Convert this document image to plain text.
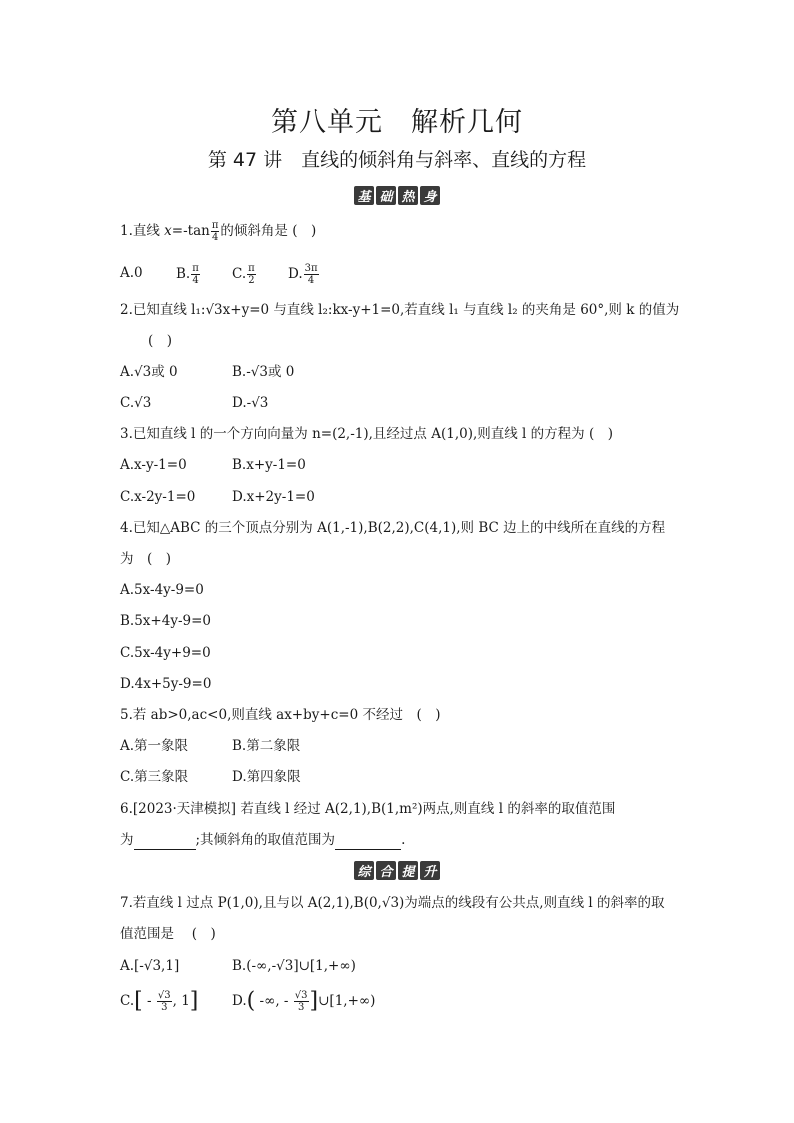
第八单元　解析几何
第 47 讲　直线的倾斜角与斜率、直线的方程
基 础 热 身
1.直线 $x=-\tan \frac{\pi}{4}$ 的倾斜角是 (　)
A.0 B. $\frac{\pi}{4} C$. $\frac{\pi}{2} D$. $\frac{3\pi}{4}$
2.已知直线 l₁:√3x+y=0 与直线 l₂:kx-y+1=0,若直线 l₁ 与直线 l₂ 的夹角是 60°,则 k 的值为
(　)
A.√3或 0	B.-√3或 0
C.√3	D.-√3
3.已知直线 l 的一个方向向量为 n=(2,-1),且经过点 A(1,0),则直线 l 的方程为 (　)
A.x-y-1=0	B.x+y-1=0
C.x-2y-1=0	D.x+2y-1=0
4.已知△ABC 的三个顶点分别为 A(1,-1),B(2,2),C(4,1),则 BC 边上的中线所在直线的方程
为　(　)
A.5x-4y-9=0
B.5x+4y-9=0
C.5x-4y+9=0
D.4x+5y-9=0
5.若 ab>0,ac<0,则直线 ax+by+c=0 不经过　(　)
A.第一象限	B.第二象限
C.第三象限	D.第四象限
6.[2023·天津模拟] 若直线 l 经过 A(2,1),B(1,m²)两点,则直线 l 的斜率的取值范围
为	;其倾斜角的取值范围为	.
综 合 提 升
7.若直线 l 过点 P(1,0),且与以 A(2,1),B(0,√3)为端点的线段有公共点,则直线 l 的斜率的取
值范围是　 (　)
A.[-√3,1]	B.(-∞,-√3]∪[1,+∞)
$C.[ - \frac{√3}{3}$ , 1] D.( -∞, - $\frac{√3}{3}$ ]∪[1,+∞)
